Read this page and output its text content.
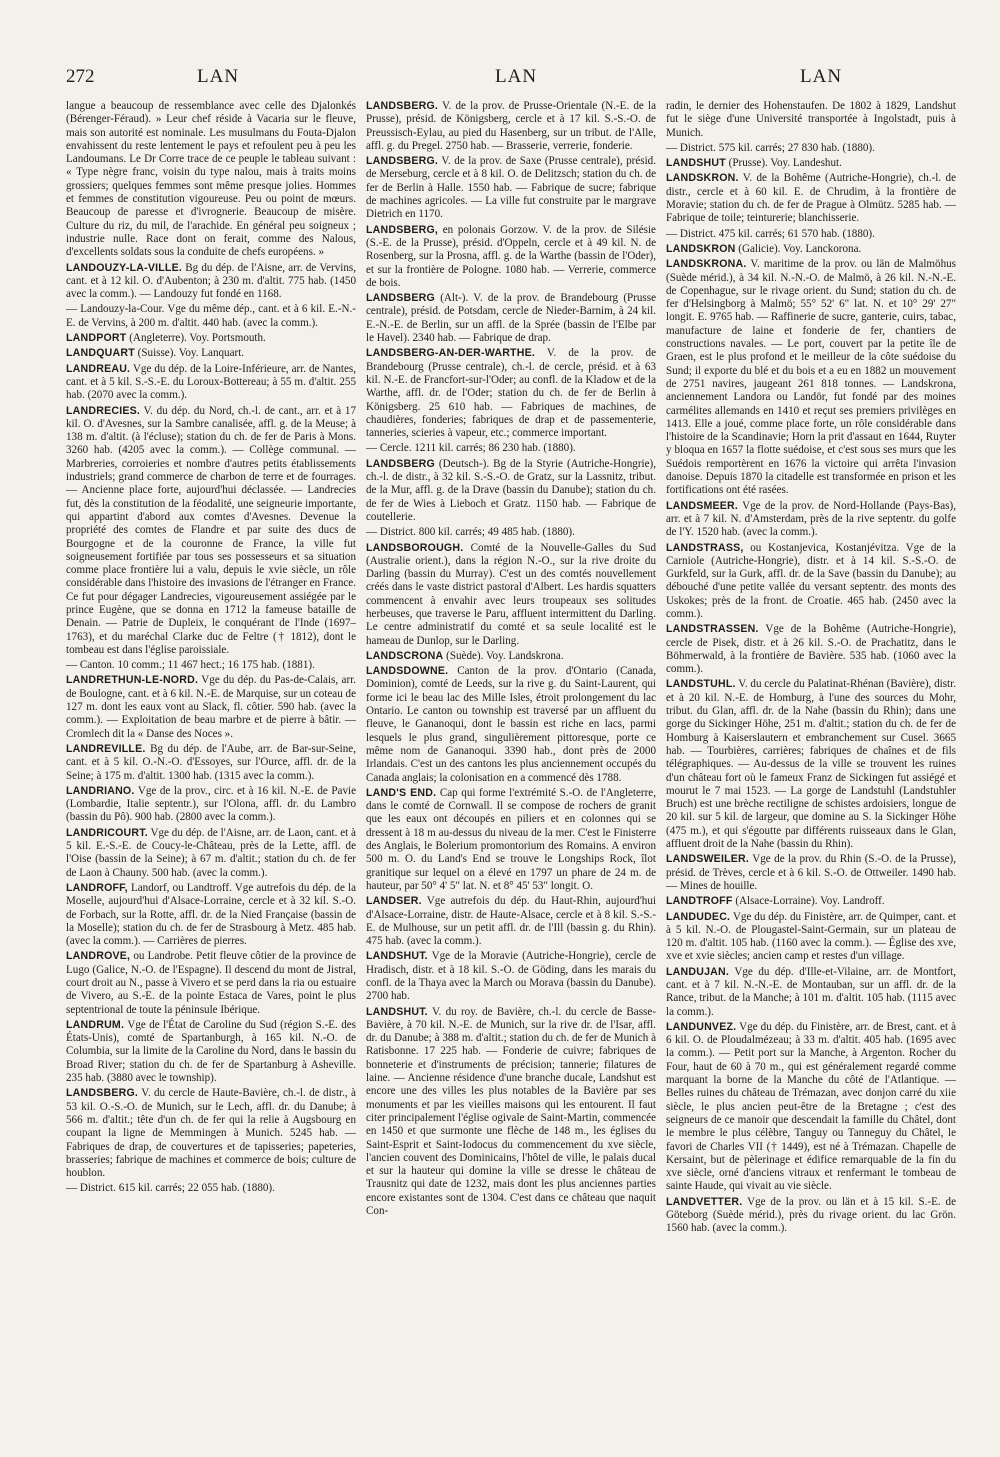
272	LAN	LAN	LAN

langue a beaucoup de ressemblance avec celle des Djalonkés (Bérenger-Féraud). » Leur chef réside à Vacaria sur le fleuve, mais son autorité est nominale. Les musulmans du Fouta-Djalon envahissent du reste lentement le pays et refoulent peu à peu les Landoumans. Le Dr Corre trace de ce peuple le tableau suivant : « Type nègre franc, voisin du type nalou, mais à traits moins grossiers; quelques femmes sont même presque jolies. Hommes et femmes de constitution vigoureuse. Peu ou point de mœurs. Beaucoup de paresse et d'ivrognerie. Beaucoup de misère. Culture du riz, du mil, de l'arachide. En général peu soigneux ; industrie nulle. Race dont on ferait, comme des Nalous, d'excellents soldats sous la conduite de chefs européens. »

LANDOUZY-LA-VILLE. Bg du dép. de l'Aisne, arr. de Vervins, cant. et à 12 kil. O. d'Aubenton; à 230 m. d'altit. 775 hab. (1450 avec la comm.). — Landouzy fut fondé en 1168.

— Landouzy-la-Cour. Vge du même dép., cant. et à 6 kil. E.-N.-E. de Vervins, à 200 m. d'altit. 440 hab. (avec la comm.).

LANDPORT (Angleterre). Voy. Portsmouth.

LANDQUART (Suisse). Voy. Lanquart.

LANDREAU. Vge du dép. de la Loire-Inférieure, arr. de Nantes, cant. et à 5 kil. S.-S.-E. du Loroux-Bottereau; à 55 m. d'altit. 255 hab. (2070 avec la comm.).

LANDRECIES. V. du dép. du Nord, ch.-l. de cant., arr. et à 17 kil. O. d'Avesnes, sur la Sambre canalisée, affl. g. de la Meuse; à 138 m. d'altit. (à l'écluse); station du ch. de fer de Paris à Mons. 3260 hab. (4205 avec la comm.). — Collège communal. — Marbreries, corroieries et nombre d'autres petits établissements industriels; grand commerce de charbon de terre et de fourrages. — Ancienne place forte, aujourd'hui déclassée. — Landrecies fut, dès la constitution de la féodalité, une seigneurie importante, qui appartint d'abord aux comtes d'Avesnes. Devenue la propriété des comtes de Flandre et par suite des ducs de Bourgogne et de la couronne de France, la ville fut soigneusement fortifiée par tous ses possesseurs et sa situation comme place frontière lui a valu, depuis le xvie siècle, un rôle considérable dans l'histoire des invasions de l'étranger en France. Ce fut pour dégager Landrecies, vigoureusement assiégée par le prince Eugène, que se donna en 1712 la fameuse bataille de Denain. — Patrie de Dupleix, le conquérant de l'Inde (1697–1763), et du maréchal Clarke duc de Feltre († 1812), dont le tombeau est dans l'église paroissiale.

— Canton. 10 comm.; 11 467 hect.; 16 175 hab. (1881).

LANDRETHUN-LE-NORD. Vge du dép. du Pas-de-Calais, arr. de Boulogne, cant. et à 6 kil. N.-E. de Marquise, sur un coteau de 127 m. dont les eaux vont au Slack, fl. côtier. 590 hab. (avec la comm.). — Exploitation de beau marbre et de pierre à bâtir. — Cromlech dit la « Danse des Noces ».

LANDREVILLE. Bg du dép. de l'Aube, arr. de Bar-sur-Seine, cant. et à 5 kil. O.-N.-O. d'Essoyes, sur l'Ource, affl. dr. de la Seine; à 175 m. d'altit. 1300 hab. (1315 avec la comm.).

LANDRIANO. Vge de la prov., circ. et à 16 kil. N.-E. de Pavie (Lombardie, Italie septentr.), sur l'Olona, affl. dr. du Lambro (bassin du Pô). 900 hab. (2800 avec la comm.).

LANDRICOURT. Vge du dép. de l'Aisne, arr. de Laon, cant. et à 5 kil. E.-S.-E. de Coucy-le-Château, près de la Lette, affl. de l'Oise (bassin de la Seine); à 67 m. d'altit.; station du ch. de fer de Laon à Chauny. 500 hab. (avec la comm.).

LANDROFF, Landorf, ou Landtroff. Vge autrefois du dép. de la Moselle, aujourd'hui d'Alsace-Lorraine, cercle et à 32 kil. S.-O. de Forbach, sur la Rotte, affl. dr. de la Nied Française (bassin de la Moselle); station du ch. de fer de Strasbourg à Metz. 485 hab. (avec la comm.). — Carrières de pierres.

LANDROVE, ou Landrobe. Petit fleuve côtier de la province de Lugo (Galice, N.-O. de l'Espagne). Il descend du mont de Jistral, court droit au N., passe à Vivero et se perd dans la ria ou estuaire de Vivero, au S.-E. de la pointe Estaca de Vares, point le plus septentrional de toute la péninsule Ibérique.

LANDRUM. Vge de l'État de Caroline du Sud (région S.-E. des États-Unis), comté de Spartanburgh, à 165 kil. N.-O. de Columbia, sur la limite de la Caroline du Nord, dans le bassin du Broad River; station du ch. de fer de Spartanburg à Asheville. 235 hab. (3880 avec le township).

LANDSBERG. V. du cercle de Haute-Bavière, ch.-l. de distr., à 53 kil. O.-S.-O. de Munich, sur le Lech, affl. dr. du Danube; à 566 m. d'altit.; tête d'un ch. de fer qui la relie à Augsbourg en coupant la ligne de Memmingen à Munich. 5245 hab. — Fabriques de drap, de couvertures et de tapisseries; papeteries, brasseries; fabrique de machines et commerce de bois; culture de houblon.

— District. 615 kil. carrés; 22 055 hab. (1880).

LANDSBERG. V. de la prov. de Prusse-Orientale (N.-E. de la Prusse), présid. de Königsberg, cercle et à 17 kil. S.-S.-O. de Preussisch-Eylau, au pied du Hasenberg, sur un tribut. de l'Alle, affl. g. du Pregel. 2750 hab. — Brasserie, verrerie, fonderie.

LANDSBERG. V. de la prov. de Saxe (Prusse centrale), présid. de Merseburg, cercle et à 8 kil. O. de Delitzsch; station du ch. de fer de Berlin à Halle. 1550 hab. — Fabrique de sucre; fabrique de machines agricoles. — La ville fut construite par le margrave Dietrich en 1170.

LANDSBERG, en polonais Gorzow. V. de la prov. de Silésie (S.-E. de la Prusse), présid. d'Oppeln, cercle et à 49 kil. N. de Rosenberg, sur la Prosna, affl. g. de la Warthe (bassin de l'Oder), et sur la frontière de Pologne. 1080 hab. — Verrerie, commerce de bois.

LANDSBERG (Alt-). V. de la prov. de Brandebourg (Prusse centrale), présid. de Potsdam, cercle de Nieder-Barnim, à 24 kil. E.-N.-E. de Berlin, sur un affl. de la Sprée (bassin de l'Elbe par le Havel). 2340 hab. — Fabrique de drap.

LANDSBERG-AN-DER-WARTHE. V. de la prov. de Brandebourg (Prusse centrale), ch.-l. de cercle, présid. et à 63 kil. N.-E. de Francfort-sur-l'Oder; au confl. de la Kladow et de la Warthe, affl. dr. de l'Oder; station du ch. de fer de Berlin à Königsberg. 25 610 hab. — Fabriques de machines, de chaudières, fonderies; fabriques de drap et de passementerie, tanneries, scieries à vapeur, etc.; commerce important.

— Cercle. 1211 kil. carrés; 86 230 hab. (1880).

LANDSBERG (Deutsch-). Bg de la Styrie (Autriche-Hongrie), ch.-l. de distr., à 32 kil. S.-S.-O. de Gratz, sur la Lassnitz, tribut. de la Mur, affl. g. de la Drave (bassin du Danube); station du ch. de fer de Wies à Lieboch et Gratz. 1150 hab. — Fabrique de coutellerie.

— District. 800 kil. carrés; 49 485 hab. (1880).

LANDSBOROUGH. Comté de la Nouvelle-Galles du Sud (Australie orient.), dans la région N.-O., sur la rive droite du Darling (bassin du Murray). C'est un des comtés nouvellement créés dans le vaste district pastoral d'Albert. Les hardis squatters commencent à envahir avec leurs troupeaux ses solitudes herbeuses, que traverse le Paru, affluent intermittent du Darling. Le centre administratif du comté et sa seule localité est le hameau de Dunlop, sur le Darling.

LANDSCRONA (Suède). Voy. Landskrona.

LANDSDOWNE. Canton de la prov. d'Ontario (Canada, Dominion), comté de Leeds, sur la rive g. du Saint-Laurent, qui forme ici le beau lac des Mille Isles, étroit prolongement du lac Ontario. Le canton ou township est traversé par un affluent du fleuve, le Gananoqui, dont le bassin est riche en lacs, parmi lesquels le plus grand, singulièrement pittoresque, porte ce même nom de Gananoqui. 3390 hab., dont près de 2000 Irlandais. C'est un des cantons les plus anciennement occupés du Canada anglais; la colonisation en a commencé dès 1788.

LAND'S END. Cap qui forme l'extrémité S.-O. de l'Angleterre, dans le comté de Cornwall. Il se compose de rochers de granit que les eaux ont découpés en piliers et en colonnes qui se dressent à 18 m au-dessus du niveau de la mer. C'est le Finisterre des Anglais, le Bolerium promontorium des Romains. A environ 500 m. O. du Land's End se trouve le Longships Rock, îlot granitique sur lequel on a élevé en 1797 un phare de 24 m. de hauteur, par 50° 4' 5" lat. N. et 8° 45' 53" longit. O.

LANDSER. Vge autrefois du dép. du Haut-Rhin, aujourd'hui d'Alsace-Lorraine, distr. de Haute-Alsace, cercle et à 8 kil. S.-S.-E. de Mulhouse, sur un petit affl. dr. de l'Ill (bassin g. du Rhin). 475 hab. (avec la comm.).

LANDSHUT. Vge de la Moravie (Autriche-Hongrie), cercle de Hradisch, distr. et à 18 kil. S.-O. de Göding, dans les marais du confl. de la Thaya avec la March ou Morava (bassin du Danube). 2700 hab.

LANDSHUT. V. du roy. de Bavière, ch.-l. du cercle de Basse-Bavière, à 70 kil. N.-E. de Munich, sur la rive dr. de l'Isar, affl. dr. du Danube; à 388 m. d'altit.; station du ch. de fer de Munich à Ratisbonne. 17 225 hab. — Fonderie de cuivre; fabriques de bonneterie et d'instruments de précision; tannerie; filatures de laine. — Ancienne résidence d'une branche ducale, Landshut est encore une des villes les plus notables de la Bavière par ses monuments et par les vieilles maisons qui les entourent. Il faut citer principalement l'église ogivale de Saint-Martin, commencée en 1450 et que surmonte une flèche de 148 m., les églises du Saint-Esprit et Saint-Iodocus du commencement du xve siècle, l'ancien couvent des Dominicains, l'hôtel de ville, le palais ducal et sur la hauteur qui domine la ville se dresse le château de Trausnitz qui date de 1232, mais dont les plus anciennes parties encore existantes sont de 1304. C'est dans ce château que naquit Con-

radin, le dernier des Hohenstaufen. De 1802 à 1829, Landshut fut le siège d'une Université transportée à Ingolstadt, puis à Munich.

— District. 575 kil. carrés; 27 830 hab. (1880).

LANDSHUT (Prusse). Voy. Landeshut.

LANDSKRON. V. de la Bohême (Autriche-Hongrie), ch.-l. de distr., cercle et à 60 kil. E. de Chrudim, à la frontière de Moravie; station du ch. de fer de Prague à Olmütz. 5285 hab. — Fabrique de toile; teinturerie; blanchisserie.

— District. 475 kil. carrés; 61 570 hab. (1880).

LANDSKRON (Galicie). Voy. Lanckorona.

LANDSKRONA. V. maritime de la prov. ou län de Malmöhus (Suède mérid.), à 34 kil. N.-N.-O. de Malmö, à 26 kil. N.-N.-E. de Copenhague, sur le rivage orient. du Sund; station du ch. de fer d'Helsingborg à Malmö; 55° 52' 6" lat. N. et 10° 29' 27" longit. E. 9765 hab. — Raffinerie de sucre, ganterie, cuirs, tabac, manufacture de laine et fonderie de fer, chantiers de constructions navales. — Le port, couvert par la petite île de Graen, est le plus profond et le meilleur de la côte suédoise du Sund; il exporte du blé et du bois et a eu en 1882 un mouvement de 2751 navires, jaugeant 261 818 tonnes. — Landskrona, anciennement Landora ou Landör, fut fondé par des moines carmélites allemands en 1410 et reçut ses premiers privilèges en 1413. Elle a joué, comme place forte, un rôle considérable dans l'histoire de la Scandinavie; Horn la prit d'assaut en 1644, Ruyter y bloqua en 1657 la flotte suédoise, et c'est sous ses murs que les Suédois remportèrent en 1676 la victoire qui arrêta l'invasion danoise. Depuis 1870 la citadelle est transformée en prison et les fortifications ont été rasées.

LANDSMEER. Vge de la prov. de Nord-Hollande (Pays-Bas), arr. et à 7 kil. N. d'Amsterdam, près de la rive septentr. du golfe de l'Y. 1520 hab. (avec la comm.).

LANDSTRASS, ou Kostanjevica, Kostanjévitza. Vge de la Carniole (Autriche-Hongrie), distr. et à 14 kil. S.-S.-O. de Gurkfeld, sur la Gurk, affl. dr. de la Save (bassin du Danube); au débouché d'une petite vallée du versant septentr. des monts des Uskokes; près de la front. de Croatie. 465 hab. (2450 avec la comm.).

LANDSTRASSEN. Vge de la Bohême (Autriche-Hongrie), cercle de Pisek, distr. et à 26 kil. S.-O. de Prachatitz, dans le Böhmerwald, à la frontière de Bavière. 535 hab. (1060 avec la comm.).

LANDSTUHL. V. du cercle du Palatinat-Rhénan (Bavière), distr. et à 20 kil. N.-E. de Homburg, à l'une des sources du Mohr, tribut. du Glan, affl. dr. de la Nahe (bassin du Rhin); dans une gorge du Sickinger Höhe, 251 m. d'altit.; station du ch. de fer de Homburg à Kaiserslautern et embranchement sur Cusel. 3665 hab. — Tourbières, carrières; fabriques de chaînes et de fils télégraphiques. — Au-dessus de la ville se trouvent les ruines d'un château fort où le fameux Franz de Sickingen fut assiégé et mourut le 7 mai 1523. — La gorge de Landstuhl (Landstuhler Bruch) est une brèche rectiligne de schistes ardoisiers, longue de 20 kil. sur 5 kil. de largeur, que domine au S. la Sickinger Höhe (475 m.), et qui s'égoutte par différents ruisseaux dans le Glan, affluent droit de la Nahe (bassin du Rhin).

LANDSWEILER. Vge de la prov. du Rhin (S.-O. de la Prusse), présid. de Trèves, cercle et à 6 kil. S.-O. de Ottweiler. 1490 hab. — Mines de houille.

LANDTROFF (Alsace-Lorraine). Voy. Landroff.

LANDUDEC. Vge du dép. du Finistère, arr. de Quimper, cant. et à 5 kil. N.-O. de Plougastel-Saint-Germain, sur un plateau de 120 m. d'altit. 105 hab. (1160 avec la comm.). — Église des xve, xve et xvie siècles; ancien camp et restes d'un village.

LANDUJAN. Vge du dép. d'Ille-et-Vilaine, arr. de Montfort, cant. et à 7 kil. N.-N.-E. de Montauban, sur un affl. dr. de la Rance, tribut. de la Manche; à 101 m. d'altit. 105 hab. (1115 avec la comm.).

LANDUNVEZ. Vge du dép. du Finistère, arr. de Brest, cant. et à 6 kil. O. de Ploudalmézeau; à 33 m. d'altit. 405 hab. (1695 avec la comm.). — Petit port sur la Manche, à Argenton. Rocher du Four, haut de 60 à 70 m., qui est généralement regardé comme marquant la borne de la Manche du côté de l'Atlantique. — Belles ruines du château de Trémazan, avec donjon carré du xiie siècle, le plus ancien peut-être de la Bretagne ; c'est des seigneurs de ce manoir que descendait la famille du Châtel, dont le membre le plus célèbre, Tanguy ou Tanneguy du Châtel, le favori de Charles VII († 1449), est né à Trémazan. Chapelle de Kersaint, but de pèlerinage et édifice remarquable de la fin du xve siècle, orné d'anciens vitraux et renfermant le tombeau de sainte Haude, qui vivait au vie siècle.

LANDVETTER. Vge de la prov. ou län et à 15 kil. S.-E. de Göteborg (Suède mérid.), près du rivage orient. du lac Grön. 1560 hab. (avec la comm.).
